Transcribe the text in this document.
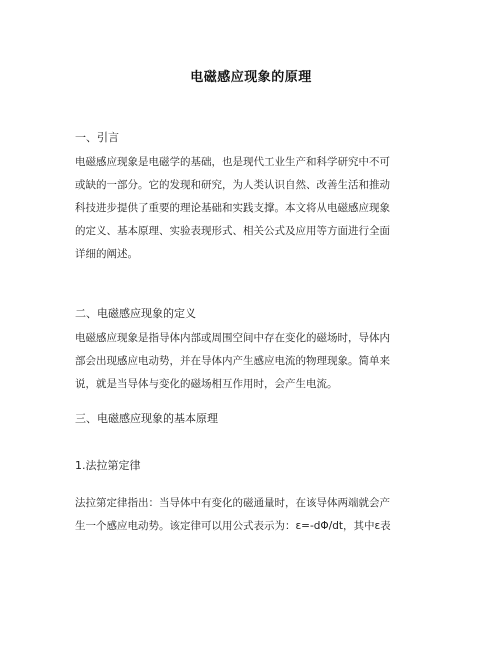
电磁感应现象的原理
一、引言
电磁感应现象是电磁学的基础，也是现代工业生产和科学研究中不可
或缺的一部分。它的发现和研究，为人类认识自然、改善生活和推动
科技进步提供了重要的理论基础和实践支撑。本文将从电磁感应现象
的定义、基本原理、实验表现形式、相关公式及应用等方面进行全面
详细的阐述。
二、电磁感应现象的定义
电磁感应现象是指导体内部或周围空间中存在变化的磁场时，导体内
部会出现感应电动势，并在导体内产生感应电流的物理现象。简单来
说，就是当导体与变化的磁场相互作用时，会产生电流。
三、电磁感应现象的基本原理
1.法拉第定律
法拉第定律指出：当导体中有变化的磁通量时，在该导体两端就会产
生一个感应电动势。该定律可以用公式表示为：ε=-dΦ/dt，其中ε表
